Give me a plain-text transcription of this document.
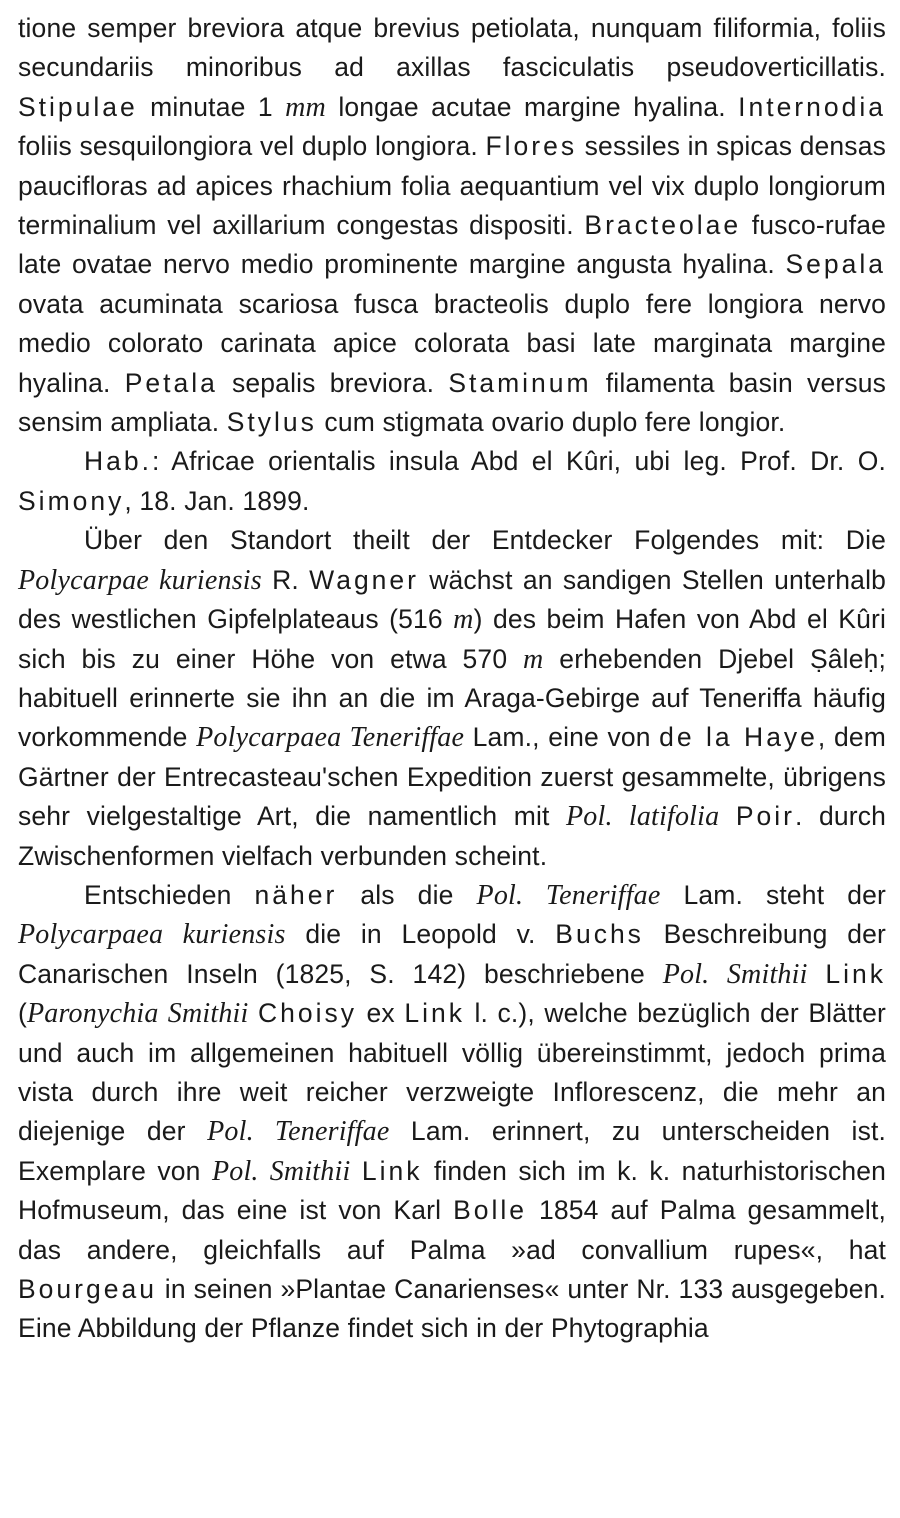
tione semper breviora atque brevius petiolata, nunquam filiformia, foliis secundariis minoribus ad axillas fasciculatis pseudoverticillatis. Stipulae minutae 1 mm longae acutae margine hyalina. Internodia foliis sesquilongiora vel duplo longiora. Flores sessiles in spicas densas paucifloras ad apices rhachium folia aequantium vel vix duplo longiorum terminalium vel axillarium congestas dispositi. Bracteolae fusco-rufae late ovatae nervo medio prominente margine angusta hyalina. Sepala ovata acuminata scariosa fusca bracteolis duplo fere longiora nervo medio colorato carinata apice colorata basi late marginata margine hyalina. Petala sepalis breviora. Staminum filamenta basin versus sensim ampliata. Stylus cum stigmata ovario duplo fere longior.

Hab.: Africae orientalis insula Abd el Kûri, ubi leg. Prof. Dr. O. Simony, 18. Jan. 1899.

Über den Standort theilt der Entdecker Folgendes mit: Die Polycarpae kuriensis R. Wagner wächst an sandigen Stellen unterhalb des westlichen Gipfelplateaus (516 m) des beim Hafen von Abd el Kûri sich bis zu einer Höhe von etwa 570 m erhebenden Djebel Ṣâleḥ; habituell erinnerte sie ihn an die im Araga-Gebirge auf Teneriffa häufig vorkommende Polycarpaea Teneriffae Lam., eine von de la Haye, dem Gärtner der Entrecasteau'schen Expedition zuerst gesammelte, übrigens sehr vielgestaltige Art, die namentlich mit Pol. latifolia Poir. durch Zwischenformen vielfach verbunden scheint.

Entschieden näher als die Pol. Teneriffae Lam. steht der Polycarpaea kuriensis die in Leopold v. Buchs Beschreibung der Canarischen Inseln (1825, S. 142) beschriebene Pol. Smithii Link (Paronychia Smithii Choisy ex Link l. c.), welche bezüglich der Blätter und auch im allgemeinen habituell völlig übereinstimmt, jedoch prima vista durch ihre weit reicher verzweigte Inflorescenz, die mehr an diejenige der Pol. Teneriffae Lam. erinnert, zu unterscheiden ist. Exemplare von Pol. Smithii Link finden sich im k. k. naturhistorischen Hofmuseum, das eine ist von Karl Bolle 1854 auf Palma gesammelt, das andere, gleichfalls auf Palma »ad convallium rupes«, hat Bourgeau in seinen »Plantae Canarienses« unter Nr. 133 ausgegeben. Eine Abbildung der Pflanze findet sich in der Phytographia
